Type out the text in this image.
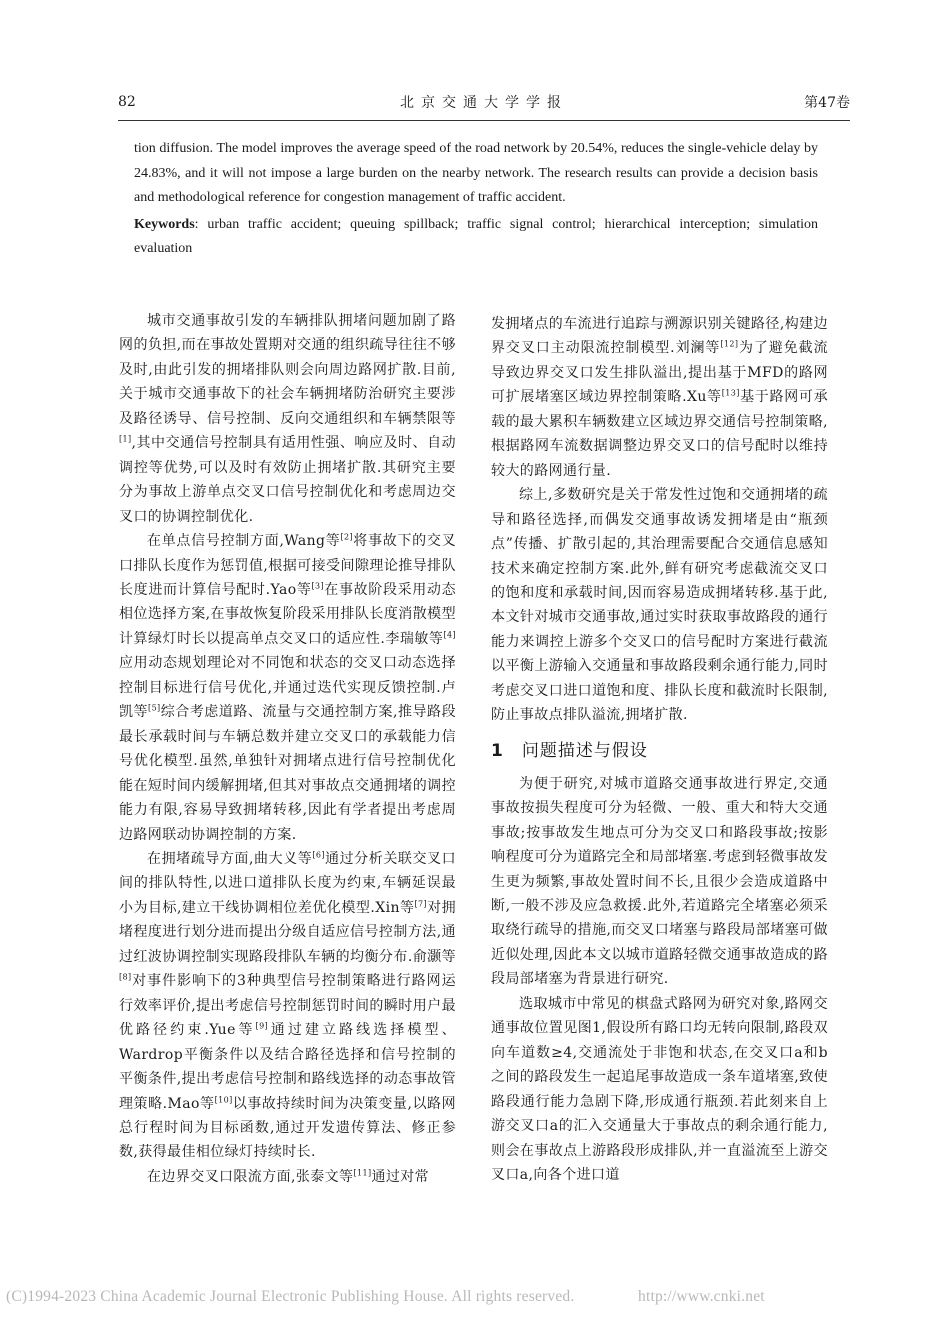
82	北京交通大学学报	第47卷

tion diffusion. The model improves the average speed of the road network by 20.54%, reduces the single-vehicle delay by 24.83%, and it will not impose a large burden on the nearby network. The research results can provide a decision basis and methodological reference for congestion management of traffic accident.

Keywords: urban traffic accident; queuing spillback; traffic signal control; hierarchical interception; simulation evaluation

城市交通事故引发的车辆排队拥堵问题加剧了路网的负担,而在事故处置期对交通的组织疏导往往不够及时,由此引发的拥堵排队则会向周边路网扩散.目前,关于城市交通事故下的社会车辆拥堵防治研究主要涉及路径诱导、信号控制、反向交通组织和车辆禁限等[1],其中交通信号控制具有适用性强、响应及时、自动调控等优势,可以及时有效防止拥堵扩散.其研究主要分为事故上游单点交叉口信号控制优化和考虑周边交叉口的协调控制优化.

在单点信号控制方面,Wang等[2]将事故下的交叉口排队长度作为惩罚值,根据可接受间隙理论推导排队长度进而计算信号配时.Yao等[3]在事故阶段采用动态相位选择方案,在事故恢复阶段采用排队长度消散模型计算绿灯时长以提高单点交叉口的适应性.李瑞敏等[4]应用动态规划理论对不同饱和状态的交叉口动态选择控制目标进行信号优化,并通过迭代实现反馈控制.卢凯等[5]综合考虑道路、流量与交通控制方案,推导路段最长承载时间与车辆总数并建立交叉口的承载能力信号优化模型.虽然,单独针对拥堵点进行信号控制优化能在短时间内缓解拥堵,但其对事故点交通拥堵的调控能力有限,容易导致拥堵转移,因此有学者提出考虑周边路网联动协调控制的方案.

在拥堵疏导方面,曲大义等[6]通过分析关联交叉口间的排队特性,以进口道排队长度为约束,车辆延误最小为目标,建立干线协调相位差优化模型.Xin等[7]对拥堵程度进行划分进而提出分级自适应信号控制方法,通过红波协调控制实现路段排队车辆的均衡分布.俞灏等[8]对事件影响下的3种典型信号控制策略进行路网运行效率评价,提出考虑信号控制惩罚时间的瞬时用户最优路径约束.Yue等[9]通过建立路线选择模型、Wardrop平衡条件以及结合路径选择和信号控制的平衡条件,提出考虑信号控制和路线选择的动态事故管理策略.Mao等[10]以事故持续时间为决策变量,以路网总行程时间为目标函数,通过开发遗传算法、修正参数,获得最佳相位绿灯持续时长.

在边界交叉口限流方面,张泰文等[11]通过对常

发拥堵点的车流进行追踪与溯源识别关键路径,构建边界交叉口主动限流控制模型.刘澜等[12]为了避免截流导致边界交叉口发生排队溢出,提出基于MFD的路网可扩展堵塞区域边界控制策略.Xu等[13]基于路网可承载的最大累积车辆数建立区域边界交通信号控制策略,根据路网车流数据调整边界交叉口的信号配时以维持较大的路网通行量.

综上,多数研究是关于常发性过饱和交通拥堵的疏导和路径选择,而偶发交通事故诱发拥堵是由“瓶颈点”传播、扩散引起的,其治理需要配合交通信息感知技术来确定控制方案.此外,鲜有研究考虑截流交叉口的饱和度和承载时间,因而容易造成拥堵转移.基于此,本文针对城市交通事故,通过实时获取事故路段的通行能力来调控上游多个交叉口的信号配时方案进行截流以平衡上游输入交通量和事故路段剩余通行能力,同时考虑交叉口进口道饱和度、排队长度和截流时长限制,防止事故点排队溢流,拥堵扩散.

1 问题描述与假设

为便于研究,对城市道路交通事故进行界定,交通事故按损失程度可分为轻微、一般、重大和特大交通事故;按事故发生地点可分为交叉口和路段事故;按影响程度可分为道路完全和局部堵塞.考虑到轻微事故发生更为频繁,事故处置时间不长,且很少会造成道路中断,一般不涉及应急救援.此外,若道路完全堵塞必须采取绕行疏导的措施,而交叉口堵塞与路段局部堵塞可做近似处理,因此本文以城市道路轻微交通事故造成的路段局部堵塞为背景进行研究.

选取城市中常见的棋盘式路网为研究对象,路网交通事故位置见图1,假设所有路口均无转向限制,路段双向车道数≥4,交通流处于非饱和状态,在交叉口a和b之间的路段发生一起追尾事故造成一条车道堵塞,致使路段通行能力急剧下降,形成通行瓶颈.若此刻来自上游交叉口a的汇入交通量大于事故点的剩余通行能力,则会在事故点上游路段形成排队,并一直溢流至上游交叉口a,向各个进口道

(C)1994-2023 China Academic Journal Electronic Publishing House. All rights reserved.	http://www.cnki.net
